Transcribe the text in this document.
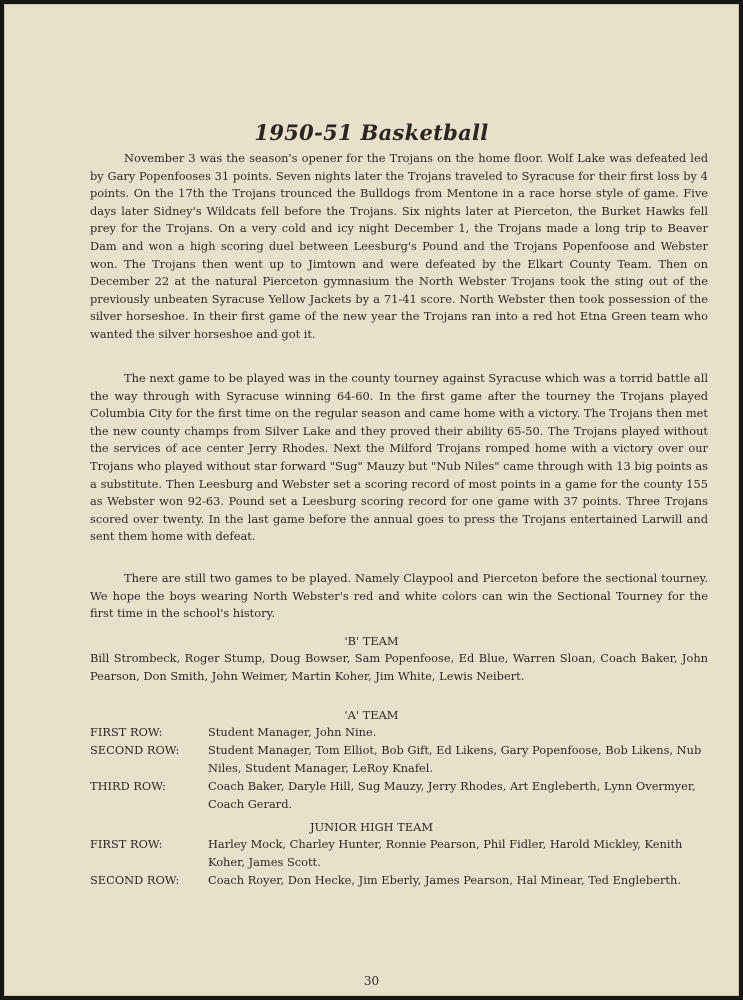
1950-51 Basketball

November 3 was the season's opener for the Trojans on the home floor. Wolf Lake was defeated led by Gary Popenfooses 31 points. Seven nights later the Trojans traveled to Syracuse for their first loss by 4 points. On the 17th the Trojans trounced the Bulldogs from Mentone in a race horse style of game. Five days later Sidney's Wildcats fell before the Trojans. Six nights later at Pierceton, the Burket Hawks fell prey for the Trojans. On a very cold and icy night December 1, the Trojans made a long trip to Beaver Dam and won a high scoring duel between Leesburg's Pound and the Trojans Popenfoose and Webster won. The Trojans then went up to Jimtown and were defeated by the Elkart County Team. Then on December 22 at the natural Pierceton gymnasium the North Webster Trojans took the sting out of the previously unbeaten Syracuse Yellow Jackets by a 71-41 score. North Webster then took possession of the silver horseshoe. In their first game of the new year the Trojans ran into a red hot Etna Green team who wanted the silver horseshoe and got it.

The next game to be played was in the county tourney against Syracuse which was a torrid battle all the way through with Syracuse winning 64-60. In the first game after the tourney the Trojans played Columbia City for the first time on the regular season and came home with a victory. The Trojans then met the new county champs from Silver Lake and they proved their ability 65-50. The Trojans played without the services of ace center Jerry Rhodes. Next the Milford Trojans romped home with a victory over our Trojans who played without star forward "Sug" Mauzy but "Nub Niles" came through with 13 big points as a substitute. Then Leesburg and Webster set a scoring record of most points in a game for the county 155 as Webster won 92-63. Pound set a Leesburg scoring record for one game with 37 points. Three Trojans scored over twenty. In the last game before the annual goes to press the Trojans entertained Larwill and sent them home with defeat.

There are still two games to be played. Namely Claypool and Pierceton before the sectional tourney. We hope the boys wearing North Webster's red and white colors can win the Sectional Tourney for the first time in the school's history.

'B' TEAM

Bill Strombeck, Roger Stump, Doug Bowser, Sam Popenfoose, Ed Blue, Warren Sloan, Coach Baker, John Pearson, Don Smith, John Weimer, Martin Koher, Jim White, Lewis Neibert.

'A' TEAM
FIRST ROW:	Student Manager, John Nine.
SECOND ROW:	Student Manager, Tom Elliot, Bob Gift, Ed Likens, Gary Popenfoose, Bob Likens, Nub Niles, Student Manager, LeRoy Knafel.
THIRD ROW:	Coach Baker, Daryle Hill, Sug Mauzy, Jerry Rhodes, Art Engleberth, Lynn Overmyer, Coach Gerard.
JUNIOR HIGH TEAM
FIRST ROW:	Harley Mock, Charley Hunter, Ronnie Pearson, Phil Fidler, Harold Mickley, Kenith Koher, James Scott.
SECOND ROW:	Coach Royer, Don Hecke, Jim Eberly, James Pearson, Hal Minear, Ted Engleberth.
30
